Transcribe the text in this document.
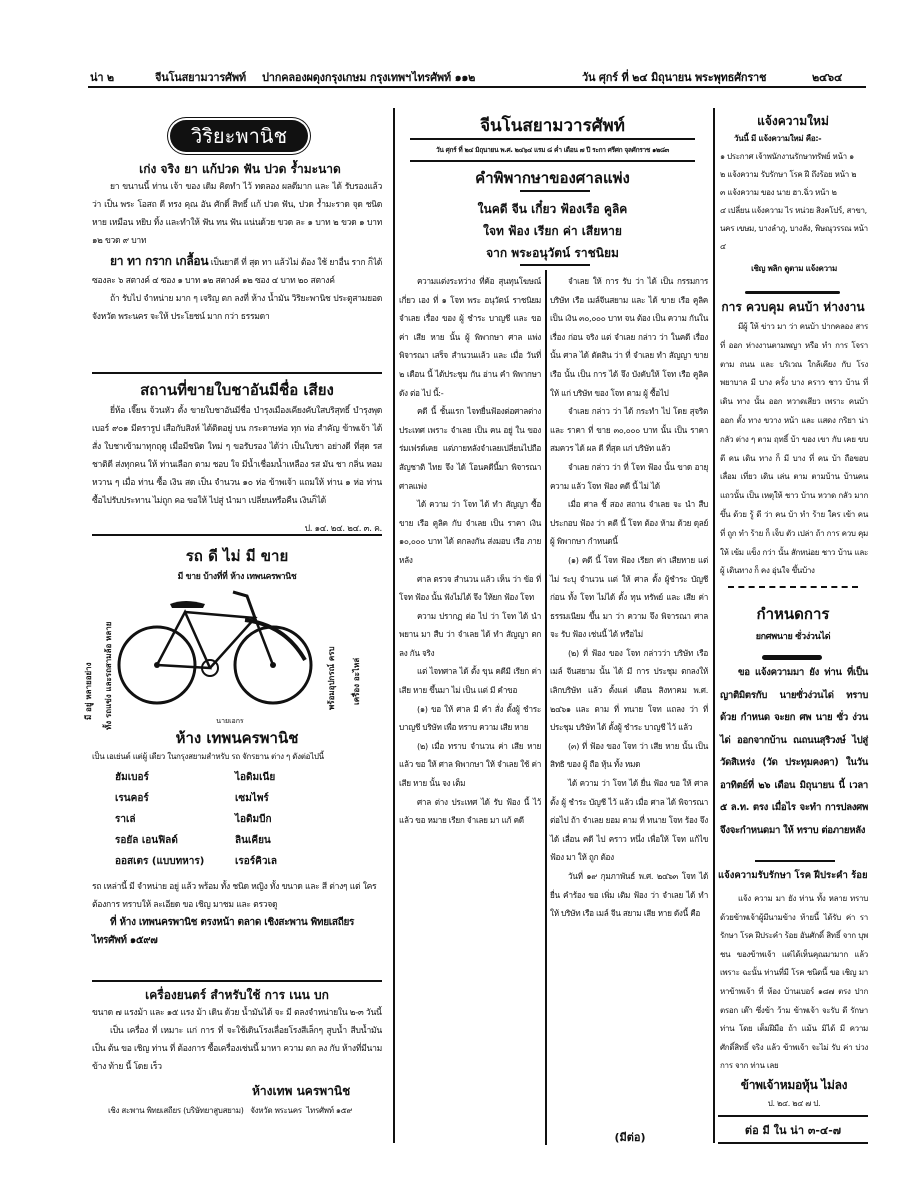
น่า ๒	จีนโนสยามวารศัพท์ ปากคลองผดุงกรุงเกษม กรุงเทพฯ ไทรศัพท์ ๑๑๒	วัน ศุกร์ ที่ ๒๔ มิถุนายน พระพุทธศักราช	๒๔๖๔
วิริยะพานิช
เก่ง จริง ยา แก้ปวด ฟัน ปวด ร้ำมะนาด

ยา ขนานนี้ ท่าน เจ้า ของ เดิม คิดทำ ไว้ ทดลอง ผลดีมาก และ ได้ รับรองแล้วว่า เป็น พระ โอสถ ดี ทรง คุณ อัน ศักดิ์ สิทธิ์ แก้ ปวด ฟัน, ปวด ร้ำมะราด จุด ชนิด หาย เหมือน หยิบ ทิ้ง และทำให้ ฟัน ทน ฟัน แน่นด้วย ขวด ละ ๑ บาท ๒ ขวด ๑ บาท ๑๒ ขวด ๙ บาท

ยา ทา กราก เกลื้อน เป็นยาดี ที่ สุด ทา แล้วไม่ ต้อง ใช้ ยาอื่น ราก ก็ได้ ซองละ ๖ สตางค์ ๔ ซอง ๑ บาท ๑๒ สตางค์ ๑๒ ซอง ๔ บาท ๒๐ สตางค์

ถ้า รับไป จำหน่าย มาก ๆ เจริญ ตก ลงที่ ห้าง น้ำมัน วิริยะพานิช ประตูสามยอด จังหวัด พระนคร จะให้ ประโยชน์ มาก กว่า ธรรมดา

สถานที่ขายใบชาอันมีชื่อ เสียง

ยี่ห้อ เจี๊ยน จ้วนหัว ตั้ง ขายใบชาอันมีชื่อ บำรุงเมืองเคียงคับใสบริสุทธิ์ บำรุงพุดเบอร์ ๙๐๑ มีตรารูป เสือกับสิงห์ ได้ติดอยู่ บน กระดาษห่อ ทุก ห่อ สำคัญ ข้าพเจ้า ได้สั่ง ใบชาเข้ามาทุกฤดู เมื่อมีชนิด ใหม่ ๆ ขอรับรอง ได้ว่า เป็นใบชา อย่างดี ที่สุด รส ชาติดี ส่งทุกคน ให้ ท่านเลือก ตาม ชอบ ใจ มีน้ำเชื่อมน้ำเหลือง รส มัน ชา กลิ่น หอมหวาน ๆ เมื่อ ท่าน ซื้อ เงิน สด เป็น จำนวน ๑๐ ห่อ ข้าพเจ้า แถมให้ ท่าน ๑ ห่อ ท่านซื้อไปรับประทาน ไม่ถูก คอ ขอให้ ไปสู่ นำมา เปลี่ยนหรือคืน เงินก็ได้

ป. ๑๔. ๒๔. ๒๔. ๓. ค.
รถ ดี ไม่ มี ขาย
มี ขาย บ้างที่ที่ ห้าง เทพนครพานิช
มี อยู่ หลายอย่าง ทั้ง รถแข่ง และรถสามล้อ หลาย	พร้อมอุปกรณ์ ครบ เครื่อง อะไหล่
นายเอกร
ห้าง เทพนครพานิช
เป็น เอเย่นต์ แต่ผู้ เดียว ในกรุงสยามสำหรับ รถ จักรยาน ต่าง ๆ ดังต่อไปนี้
ฮัมเบอร์	ไอดิมเนีย
เรนคอร์	เซมไพร์
ราเล่	ไอดิมบีก
รอยัล เอนฟิลด์	ลินเคียน
ออสเตร (แบบทหาร)	เรอร์คิวเล
รถ เหล่านี้ มี จำหน่าย อยู่ แล้ว พร้อม ทั้ง ชนิด หญิง ทั้ง ขนาด และ สี ต่างๆ แต่ ใคร ต้องการ ทราบให้ ละเอียด ขอ เชิญ มาชม และ ตรวจดู
ที่ ห้าง เทพนครพานิช ตรงหน้า ตลาด เชิงสะพาน พิทยเสถียร
ไทรศัพท์ ๑๕๙๗
เครื่องยนตร์ สำหรับใช้ การ เนน บก
ขนาด ๗ แรงม้า และ ๑๕ แรง ม้า เดิน ด้วย น้ำมันได้ จะ มี ตลงจำหน่ายใน ๒-๓ วันนี้

เป็น เครื่อง ที่ เหมาะ แก่ การ ที่ จะใช้เดินโรงเลื่อยโรงสีเล็กๆ สูบน้ำ สีบน้ำมัน เป็น ต้น ขอ เชิญ ท่าน ที่ ต้องการ ซื้อเครื่องเช่นนี้ มาหา ความ ตก ลง กับ ห้างที่มีนาม ข้าง ท้าย นี้ โดย เร็ว

ห้างเทพ นครพานิช
เชิง สะพาน พิทยเสถียร (บริษัทยาสูบสยาม) จังหวัด พระนคร ไทรศัพท์ ๑๕๙
จีนโนสยามวารศัพท์
วัน ศุกร์ ที่ ๒๔ มิถุนายน พ.ศ. ๒๔๖๔ แรม ๘ ค่ำ เดือน ๗ ปี ระกา ศรีศก จุลศักราช ๑๒๘๓
คำพิพากษาของศาลแพ่ง
ในคดี จีน เกี๋ยว ฟ้องเรือ คูลิค
ใจท ฟ้อง เรียก ค่า เสียหาย
จาก พระอนุวัตน์ ราชนิยม

ความแต่งระหว่าง ที่ค้อ สุนทุนโฆษณ์เกี่ยว เอง ที่ ๑ โจท พระ อนุวัตน์ ราชนิยม จำเลย เรื่อง ของ ผู้ ชำระ บาญชี และ ขอ ค่า เสีย หาย นั้น ผู้ พิพากษา ศาล แพ่ง พิจารณา เสร็จ สำนวนแล้ว และ เมื่อ วันที่ ๒ เดือน นี้ ได้ประชุม กัน อ่าน คำ พิพากษา ดัง ต่อ ไป นี้:-

คดี นี้ ชั้นแรก ไจทยื่นฟ้องต่อศาลต่าง ประเทศ เพราะ จำเลย เป็น คน อยู่ ใน ของ ร่มเฟรต์เคย แต่ภายหลังจำเลยเปลี่ยนไปถือ สัญชาติ ไทย จึง ได้ โอนคดีนี้มา พิจารณาศาลแพ่ง

ได้ ความ ว่า โจท ได้ ทำ สัญญา ซื้อ ขาย เรือ คูลิค กับ จำเลย เป็น ราคา เงิน ๑๐,๐๐๐ บาท ได้ ตกลงกัน ส่งมอบ เรือ ภาย หลัง

ศาล ตรวจ สำนวน แล้ว เห็น ว่า ข้อ ที่ โจท ฟ้อง นั้น ฟังไม่ได้ จึง ให้ยก ฟ้อง โจท

ความ ปรากฏ ต่อ ไป ว่า โจท ได้ นำ พยาน มา สืบ ว่า จำเลย ได้ ทำ สัญญา ตก ลง กัน จริง

แต่ ไจทศาล ได้ ตั้ง ขุน คดีมี เรียก ค่า เสีย หาย ขึ้นมา ไม่ เป็น แต่ มี คำขอ

(๑) ขอ ให้ ศาล มี คำ สั่ง ตั้งผู้ ชำระ บาญชี บริษัท เพื่อ ทราบ ความ เสีย หาย

(๒) เมื่อ ทราบ จำนวน ค่า เสีย หาย แล้ว ขอ ให้ ศาล พิพากษา ให้ จำเลย ใช้ ค่า เสีย หาย นั้น จง เต็ม

ศาล ต่าง ประเทศ ได้ รับ ฟ้อง นี้ ไว้ แล้ว ขอ หมาย เรียก จำเลย มา แก้ คดี

จำเลย ให้ การ รับ ว่า ได้ เป็น กรรมการ บริษัท เรือ เมล์จีนสยาม และ ได้ ขาย เรือ คูลิค เป็น เงิน ๓๐,๐๐๐ บาท จน ต้อง เป็น ความ กันในเรื่อง ก่อน จริง แต่ จำเลย กล่าว ว่า ในคดี เรื่อง นั้น ศาล ได้ ตัดสิน ว่า ที่ จำเลย ทำ สัญญา ขาย เรือ นั้น เป็น การ ได้ จึง บังคับให้ โจท เรือ คูลิค ให้ แก่ บริษัท ของ โจท ตาม ผู้ ซื้อไป

จำเลย กล่าว ว่า ได้ กระทำ ไป โดย สุจริต และ ราคา ที่ ขาย ๓๐,๐๐๐ บาท นั้น เป็น ราคา สมควร ได้ ผล ดี ที่สุด แก่ บริษัท แล้ว

จำเลย กล่าว ว่า ที่ โจท ฟ้อง นั้น ขาด อายุ ความ แล้ว โจท ฟ้อง คดี นี้ ไม่ ได้

เมื่อ ศาล ชี้ สอง สถาน จำเลย จะ นำ สืบ ประกอบ ฟ้อง ว่า คดี นี้ โจท ต้อง ห้าม ด้วย ดุลย์ ผู้ พิพากษา กำหนดนี้

(๑) คดี นี้ โจท ฟ้อง เรียก ค่า เสียหาย แต่ ไม่ ระบุ จำนวน แต่ ให้ ศาล ตั้ง ผู้ชำระ บัญชี ก่อน ทั้ง โจท ไม่ได้ ตั้ง ทุน ทรัพย์ และ เสีย ค่า ธรรมเนียม ขึ้น มา ว่า ความ จึง พิจารณา ศาล จะ รับ ฟ้อง เช่นนี้ ได้ หรือไม่

(๒) ที่ ฟ้อง ของ โจท กล่าวว่า บริษัท เรือเมล์ จีนสยาม นั้น ได้ มี การ ประชุม ตกลงให้ เลิกบริษัท แล้ว ตั้งแต่ เดือน สิงหาคม พ.ศ. ๒๔๖๑ และ ตาม ที่ ทนาย โจท แถลง ว่า ที่ ประชุม บริษัท ได้ ตั้งผู้ ชำระ บาญชี ไว้ แล้ว

(๓) ที่ ฟ้อง ของ โจท ว่า เสีย หาย นั้น เป็น สิทธิ ของ ผู้ ถือ หุ้น ทั้ง หมด

ได้ ความ ว่า โจท ได้ ยื่น ฟ้อง ขอ ให้ ศาล ตั้ง ผู้ ชำระ บัญชี ไว้ แล้ว เมื่อ ศาล ได้ พิจารณา ต่อไป ถ้า จำเลย ยอม ตาม ที่ ทนาย โจท ร้อง จึง ได้ เลื่อน คดี ไป คราว หนึ่ง เพื่อให้ โจท แก้ไข ฟ้อง มา ให้ ถูก ต้อง

วันที่ ๑๙ กุมภาพันธ์ พ.ศ. ๒๔๖๓ โจท ได้ ยื่น คำร้อง ขอ เพิ่ม เติม ฟ้อง ว่า จำเลย ได้ ทำ ให้ บริษัท เรือ เมล์ จีน สยาม เสีย หาย ดังนี้ คือ

(มีต่อ)
แจ้งความใหม่
วันนี้ มี แจ้งความใหม่ คือ:-
๑ ประกาศ เจ้าพนักงานรักษาทรัพย์ หน้า ๑
๒ แจ้งความ รับรักษา โรค ฝี ถึงร้อย หน้า ๒
๓ แจ้งความ ของ นาย ฮา.ฉิ่ว หน้า ๒
๔ เปลี่ยน แจ้งความ ไร หน่วย สิงคโปร์, สาขา, นคร เขษม, บางลำภู, บางลัง, พิษณุวรรณ หน้า ๔
เชิญ พลิก ดูตาม แจ้งความ
การ ควบคุม คนบ้า ห่างงาน

มีผู้ ให้ ข่าว มา ว่า คนบ้า ปากคลอง สาร ที่ ออก ห่างงานตามพญา หรือ ทำ การ โจรา ตาม ถนน และ บริเวณ ใกล้เคียง กับ โรง พยาบาล มี บาง ครั้ง บาง คราว ชาว บ้าน ที่ เดิน ทาง นั้น ออก หวาดเสียว เพราะ คนบ้า ออก ตั้ง ทาง ขวาง หน้า และ แสดง กริยา น่า กลัว ต่าง ๆ ตาม ฤทธิ์ บ้า ของ เขา กับ เคย ขบ ตี คน เดิน ทาง ก็ มี บาง ที่ คน บ้า ถือขอบเลื่อม เที่ยว เดิน เล่น ตาม ตามบ้าน บ้านคน แถวนั้น เป็น เหตุให้ ชาว บ้าน หวาด กลัว มาก ขึ้น ด้วย รู้ ดี ว่า คน บ้า ทำ ร้าย ใคร เข้า คน ที่ ถูก ทำ ร้าย ก็ เจ็บ ตัว เปล่า ถ้า การ ควบ คุม ให้ เข้ม แข็ง กว่า นั้น สักหน่อย ชาว บ้าน และ ผู้ เดินทาง ก็ คง อุ่นใจ ขึ้นบ้าง

กำหนดการ
ยกศพนาย ซั่วง่วนได่

ขอ แจ้งความมา ยัง ท่าน ที่เป็น ญาติมิตรกับ นายซั่วง่วนได่ ทราบ ด้วย กำหนด จะยก ศพ นาย ซั่ว ง่วนได่ ออกจากบ้าน ณถนนสุริวงษ์ ไปสู่ วัดสิเหร่ง (วัด ประทุมคงคา) ในวันอาทิตย์ที่ ๒๖ เดือน มิถุนายน นี้ เวลา ๕ ล.ท. ตรง เมื่อไร จะทำ การปลงศพ จึงจะกำหนดมา ให้ ทราบ ต่อภายหลัง

แจ้งความรับรักษา โรค ฝีประคำ ร้อย

แจ้ง ความ มา ยัง ท่าน ทั้ง หลาย ทราบ ด้วยข้าพเจ้าผู้มีนามข้าง ท้ายนี้ ได้รับ ค่า รา รักษา โรค ฝีประคำ ร้อย อันศักดิ์ สิทธิ์ จาก บุพชน ของข้าพเจ้า แต่ได้เห็นคุณมามาก แล้ว เพราะ ฉะนั้น ท่านที่มี โรค ชนิดนี้ ขอ เชิญ มา หาข้าพเจ้า ที่ ห้อง บ้านเบอร์ ๑๘๗ ตรง ปากตรอก เต๊า ซึ่งข้า ว้าม ข้าพเจ้า จะรับ ดี รักษา ท่าน โดย เต็มฝีมือ ถ้า แม้น มิได้ มี ความ ศักดิ์สิทธิ์ จริง แล้ว ข้าพเจ้า จะไม่ รับ ค่า บ่วง การ จาก ท่าน เลย

ข้าพเจ้าหมอหุ้น ไม่ลง
ป. ๒๔. ๒๔ ๗ ป.
ต่อ มี ใน น่า ๓-๔-๗
